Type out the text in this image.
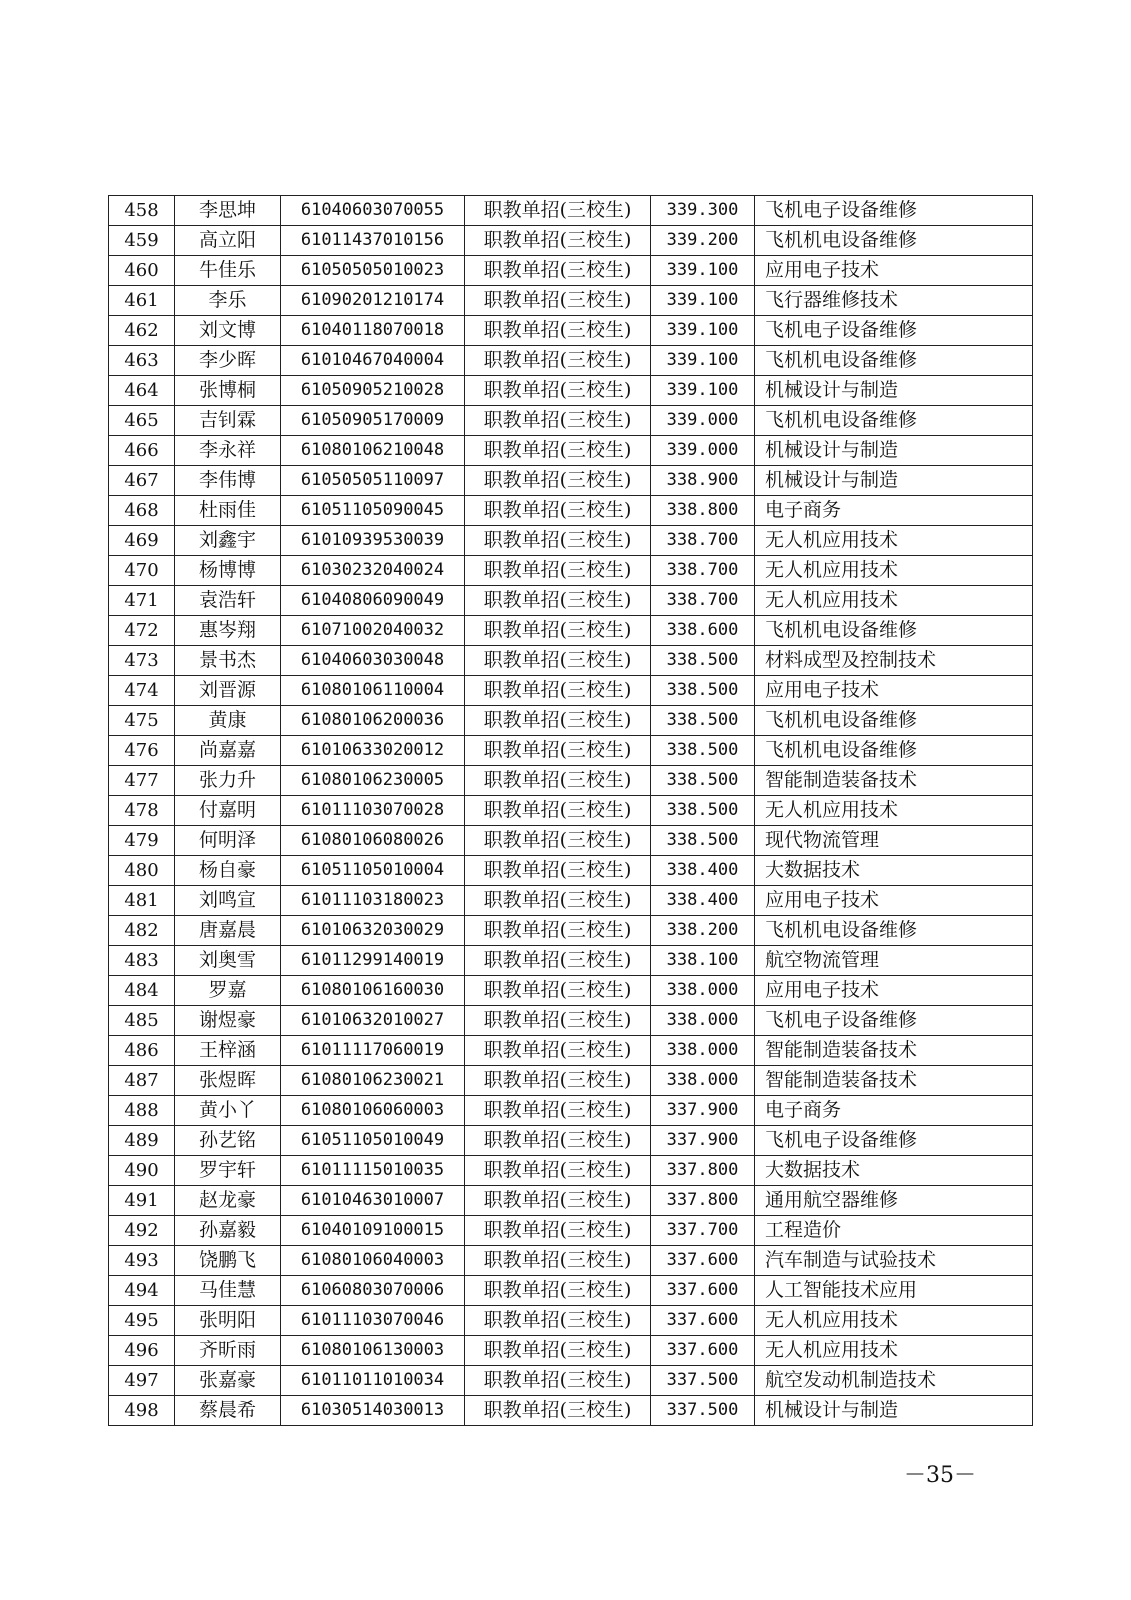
458	李思坤	61040603070055	职教单招(三校生)	339.300	飞机电子设备维修
459	高立阳	61011437010156	职教单招(三校生)	339.200	飞机机电设备维修
460	牛佳乐	61050505010023	职教单招(三校生)	339.100	应用电子技术
461	李乐	61090201210174	职教单招(三校生)	339.100	飞行器维修技术
462	刘文博	61040118070018	职教单招(三校生)	339.100	飞机电子设备维修
463	李少晖	61010467040004	职教单招(三校生)	339.100	飞机机电设备维修
464	张博桐	61050905210028	职教单招(三校生)	339.100	机械设计与制造
465	吉钊霖	61050905170009	职教单招(三校生)	339.000	飞机机电设备维修
466	李永祥	61080106210048	职教单招(三校生)	339.000	机械设计与制造
467	李伟博	61050505110097	职教单招(三校生)	338.900	机械设计与制造
468	杜雨佳	61051105090045	职教单招(三校生)	338.800	电子商务
469	刘鑫宇	61010939530039	职教单招(三校生)	338.700	无人机应用技术
470	杨博博	61030232040024	职教单招(三校生)	338.700	无人机应用技术
471	袁浩轩	61040806090049	职教单招(三校生)	338.700	无人机应用技术
472	惠岑翔	61071002040032	职教单招(三校生)	338.600	飞机机电设备维修
473	景书杰	61040603030048	职教单招(三校生)	338.500	材料成型及控制技术
474	刘晋源	61080106110004	职教单招(三校生)	338.500	应用电子技术
475	黄康	61080106200036	职教单招(三校生)	338.500	飞机机电设备维修
476	尚嘉嘉	61010633020012	职教单招(三校生)	338.500	飞机机电设备维修
477	张力升	61080106230005	职教单招(三校生)	338.500	智能制造装备技术
478	付嘉明	61011103070028	职教单招(三校生)	338.500	无人机应用技术
479	何明泽	61080106080026	职教单招(三校生)	338.500	现代物流管理
480	杨自豪	61051105010004	职教单招(三校生)	338.400	大数据技术
481	刘鸣宣	61011103180023	职教单招(三校生)	338.400	应用电子技术
482	唐嘉晨	61010632030029	职教单招(三校生)	338.200	飞机机电设备维修
483	刘奥雪	61011299140019	职教单招(三校生)	338.100	航空物流管理
484	罗嘉	61080106160030	职教单招(三校生)	338.000	应用电子技术
485	谢煜豪	61010632010027	职教单招(三校生)	338.000	飞机电子设备维修
486	王梓涵	61011117060019	职教单招(三校生)	338.000	智能制造装备技术
487	张煜晖	61080106230021	职教单招(三校生)	338.000	智能制造装备技术
488	黄小丫	61080106060003	职教单招(三校生)	337.900	电子商务
489	孙艺铭	61051105010049	职教单招(三校生)	337.900	飞机电子设备维修
490	罗宇轩	61011115010035	职教单招(三校生)	337.800	大数据技术
491	赵龙豪	61010463010007	职教单招(三校生)	337.800	通用航空器维修
492	孙嘉毅	61040109100015	职教单招(三校生)	337.700	工程造价
493	饶鹏飞	61080106040003	职教单招(三校生)	337.600	汽车制造与试验技术
494	马佳慧	61060803070006	职教单招(三校生)	337.600	人工智能技术应用
495	张明阳	61011103070046	职教单招(三校生)	337.600	无人机应用技术
496	齐昕雨	61080106130003	职教单招(三校生)	337.600	无人机应用技术
497	张嘉豪	61011011010034	职教单招(三校生)	337.500	航空发动机制造技术
498	蔡晨希	61030514030013	职教单招(三校生)	337.500	机械设计与制造
－35－
